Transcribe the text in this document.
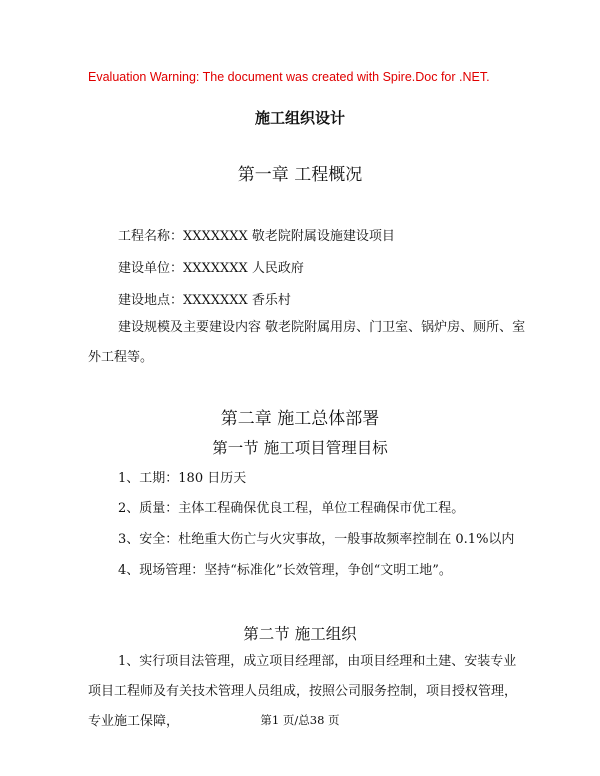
Evaluation Warning: The document was created with Spire.Doc for .NET.
施工组织设计
第一章 工程概况
工程名称：XXXXXXX 敬老院附属设施建设项目
建设单位：XXXXXXX 人民政府
建设地点：XXXXXXX 香乐村
建设规模及主要建设内容 敬老院附属用房、门卫室、锅炉房、厕所、室外工程等。
第二章 施工总体部署
第一节 施工项目管理目标
1、工期：180 日历天
2、质量：主体工程确保优良工程，单位工程确保市优工程。
3、安全：杜绝重大伤亡与火灾事故，一般事故频率控制在 0.1%以内
4、现场管理：坚持“标准化”长效管理，争创“文明工地”。
第二节 施工组织
1、实行项目法管理，成立项目经理部，由项目经理和土建、安装专业项目工程师及有关技术管理人员组成，按照公司服务控制，项目授权管理，专业施工保障，	第1 页/总38 页
